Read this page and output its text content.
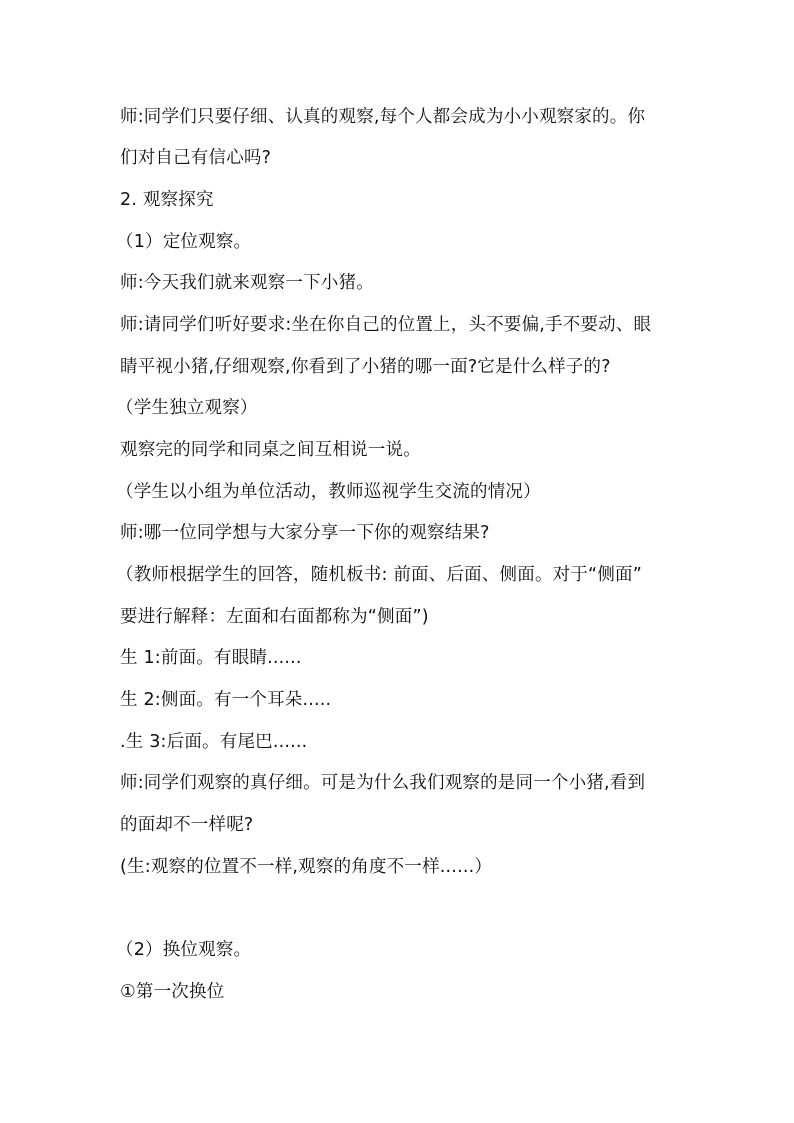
师:同学们只要仔细、认真的观察,每个人都会成为小小观察家的。你
们对自己有信心吗?
2. 观察探究
（1）定位观察。
师:今天我们就来观察一下小猪。
师:请同学们听好要求:坐在你自己的位置上，头不要偏,手不要动、眼
睛平视小猪,仔细观察,你看到了小猪的哪一面?它是什么样子的?
（学生独立观察）
观察完的同学和同桌之间互相说一说。
（学生以小组为单位活动，教师巡视学生交流的情况）
师:哪一位同学想与大家分享一下你的观察结果?
（教师根据学生的回答，随机板书: 前面、后面、侧面。对于“侧面”
要进行解释：左面和右面都称为“侧面”)
生 1:前面。有眼睛......
生 2:侧面。有一个耳朵.....
.生 3:后面。有尾巴......
师:同学们观察的真仔细。可是为什么我们观察的是同一个小猪,看到
的面却不一样呢?
(生:观察的位置不一样,观察的角度不一样......）
（2）换位观察。
①第一次换位
